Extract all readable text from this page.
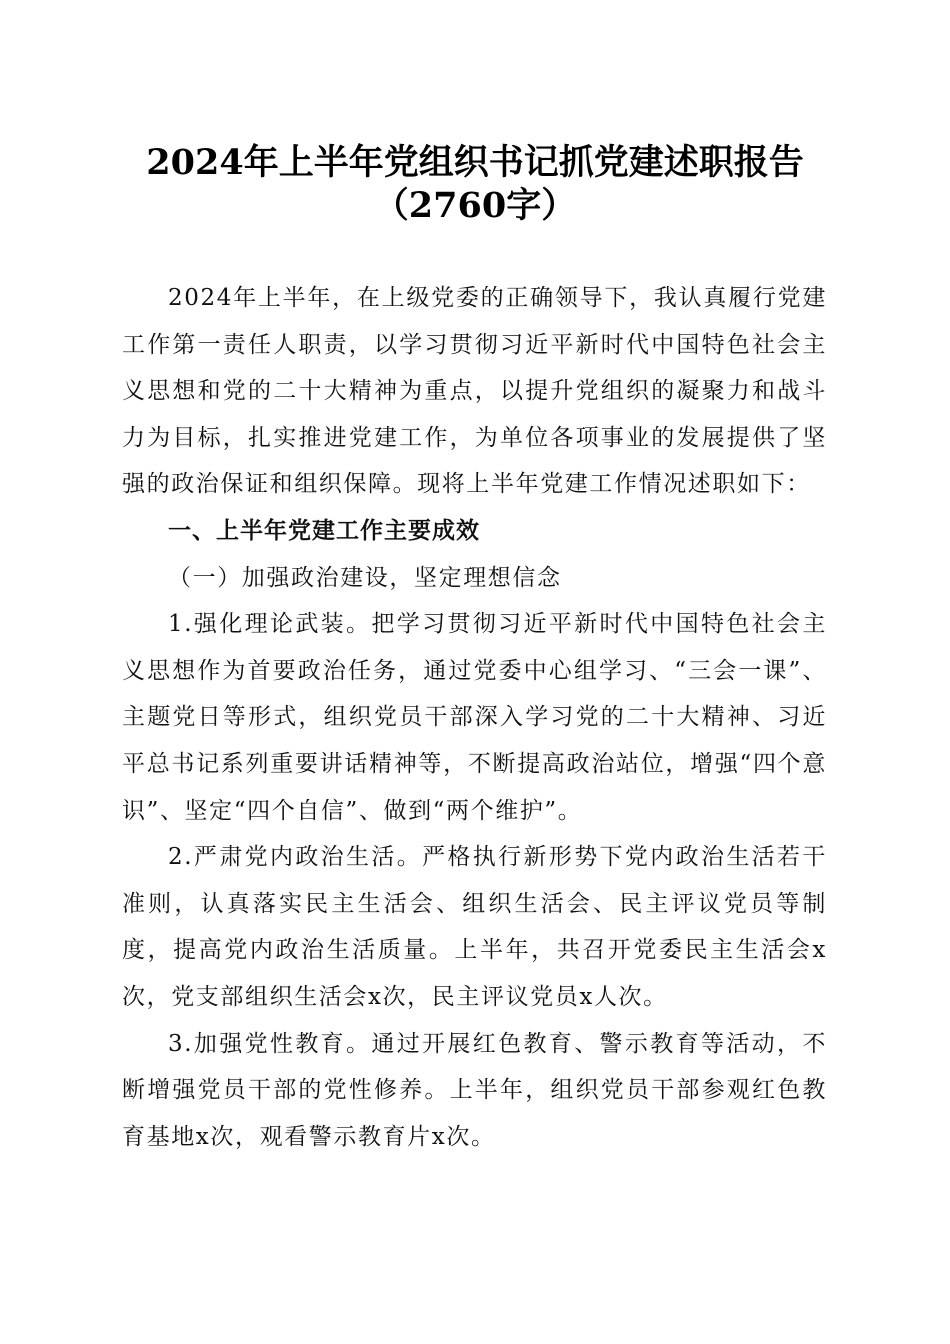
2024年上半年党组织书记抓党建述职报告
（2760字）

2024年上半年，在上级党委的正确领导下，我认真履行党建工作第一责任人职责，以学习贯彻习近平新时代中国特色社会主义思想和党的二十大精神为重点，以提升党组织的凝聚力和战斗力为目标，扎实推进党建工作，为单位各项事业的发展提供了坚强的政治保证和组织保障。现将上半年党建工作情况述职如下：

一、上半年党建工作主要成效

（一）加强政治建设，坚定理想信念

1.强化理论武装。把学习贯彻习近平新时代中国特色社会主义思想作为首要政治任务，通过党委中心组学习、“三会一课”、主题党日等形式，组织党员干部深入学习党的二十大精神、习近平总书记系列重要讲话精神等，不断提高政治站位，增强“四个意识”、坚定“四个自信”、做到“两个维护”。

2.严肃党内政治生活。严格执行新形势下党内政治生活若干准则，认真落实民主生活会、组织生活会、民主评议党员等制度，提高党内政治生活质量。上半年，共召开党委民主生活会x次，党支部组织生活会x次，民主评议党员x人次。

3.加强党性教育。通过开展红色教育、警示教育等活动，不断增强党员干部的党性修养。上半年，组织党员干部参观红色教育基地x次，观看警示教育片x次。
